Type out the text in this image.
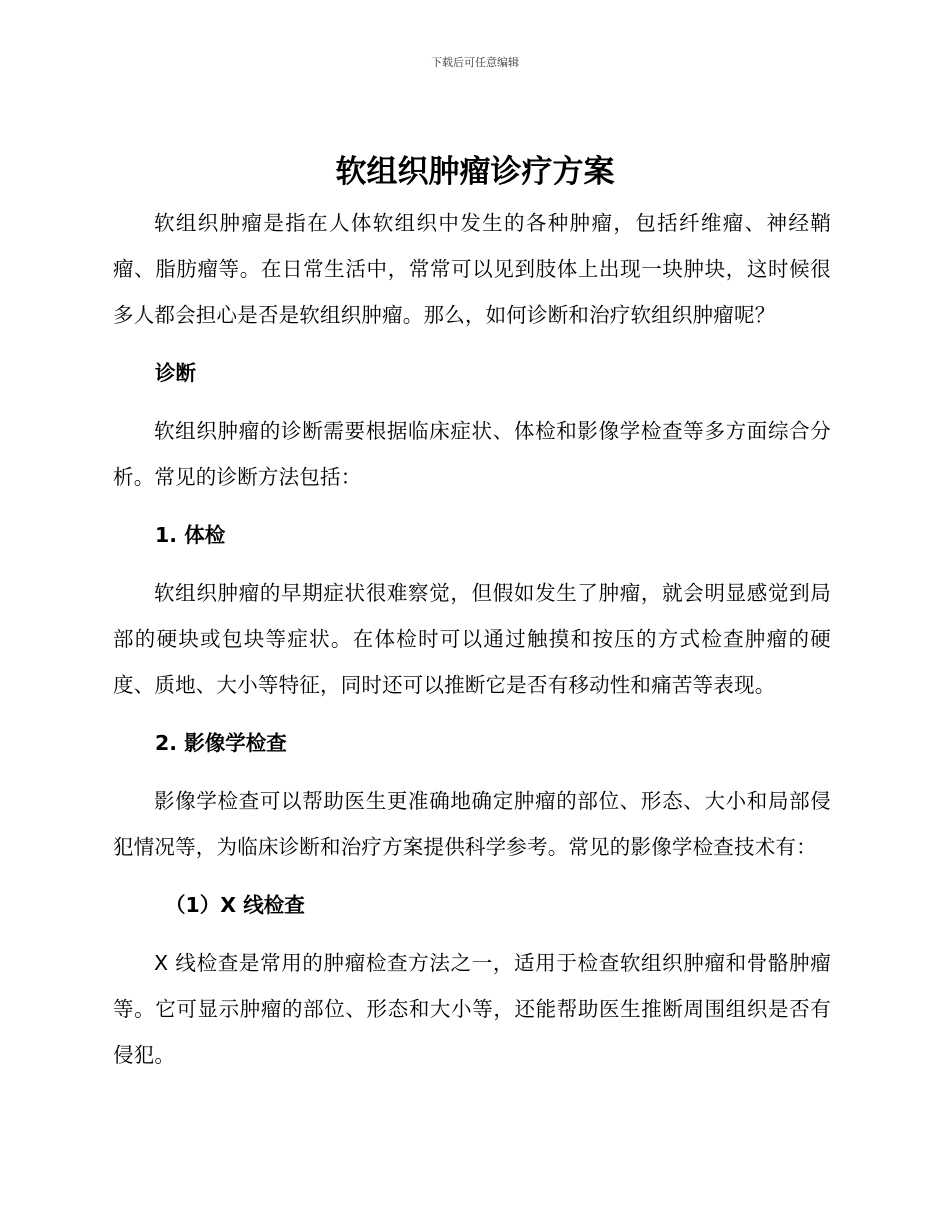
下载后可任意编辑
软组织肿瘤诊疗方案

软组织肿瘤是指在人体软组织中发生的各种肿瘤，包括纤维瘤、神经鞘瘤、脂肪瘤等。在日常生活中，常常可以见到肢体上出现一块肿块，这时候很多人都会担心是否是软组织肿瘤。那么，如何诊断和治疗软组织肿瘤呢？

诊断

软组织肿瘤的诊断需要根据临床症状、体检和影像学检查等多方面综合分析。常见的诊断方法包括：

1. 体检

软组织肿瘤的早期症状很难察觉，但假如发生了肿瘤，就会明显感觉到局部的硬块或包块等症状。在体检时可以通过触摸和按压的方式检查肿瘤的硬度、质地、大小等特征，同时还可以推断它是否有移动性和痛苦等表现。

2. 影像学检查

影像学检查可以帮助医生更准确地确定肿瘤的部位、形态、大小和局部侵犯情况等，为临床诊断和治疗方案提供科学参考。常见的影像学检查技术有：

（1）X 线检查

X 线检查是常用的肿瘤检查方法之一，适用于检查软组织肿瘤和骨骼肿瘤等。它可显示肿瘤的部位、形态和大小等，还能帮助医生推断周围组织是否有侵犯。
